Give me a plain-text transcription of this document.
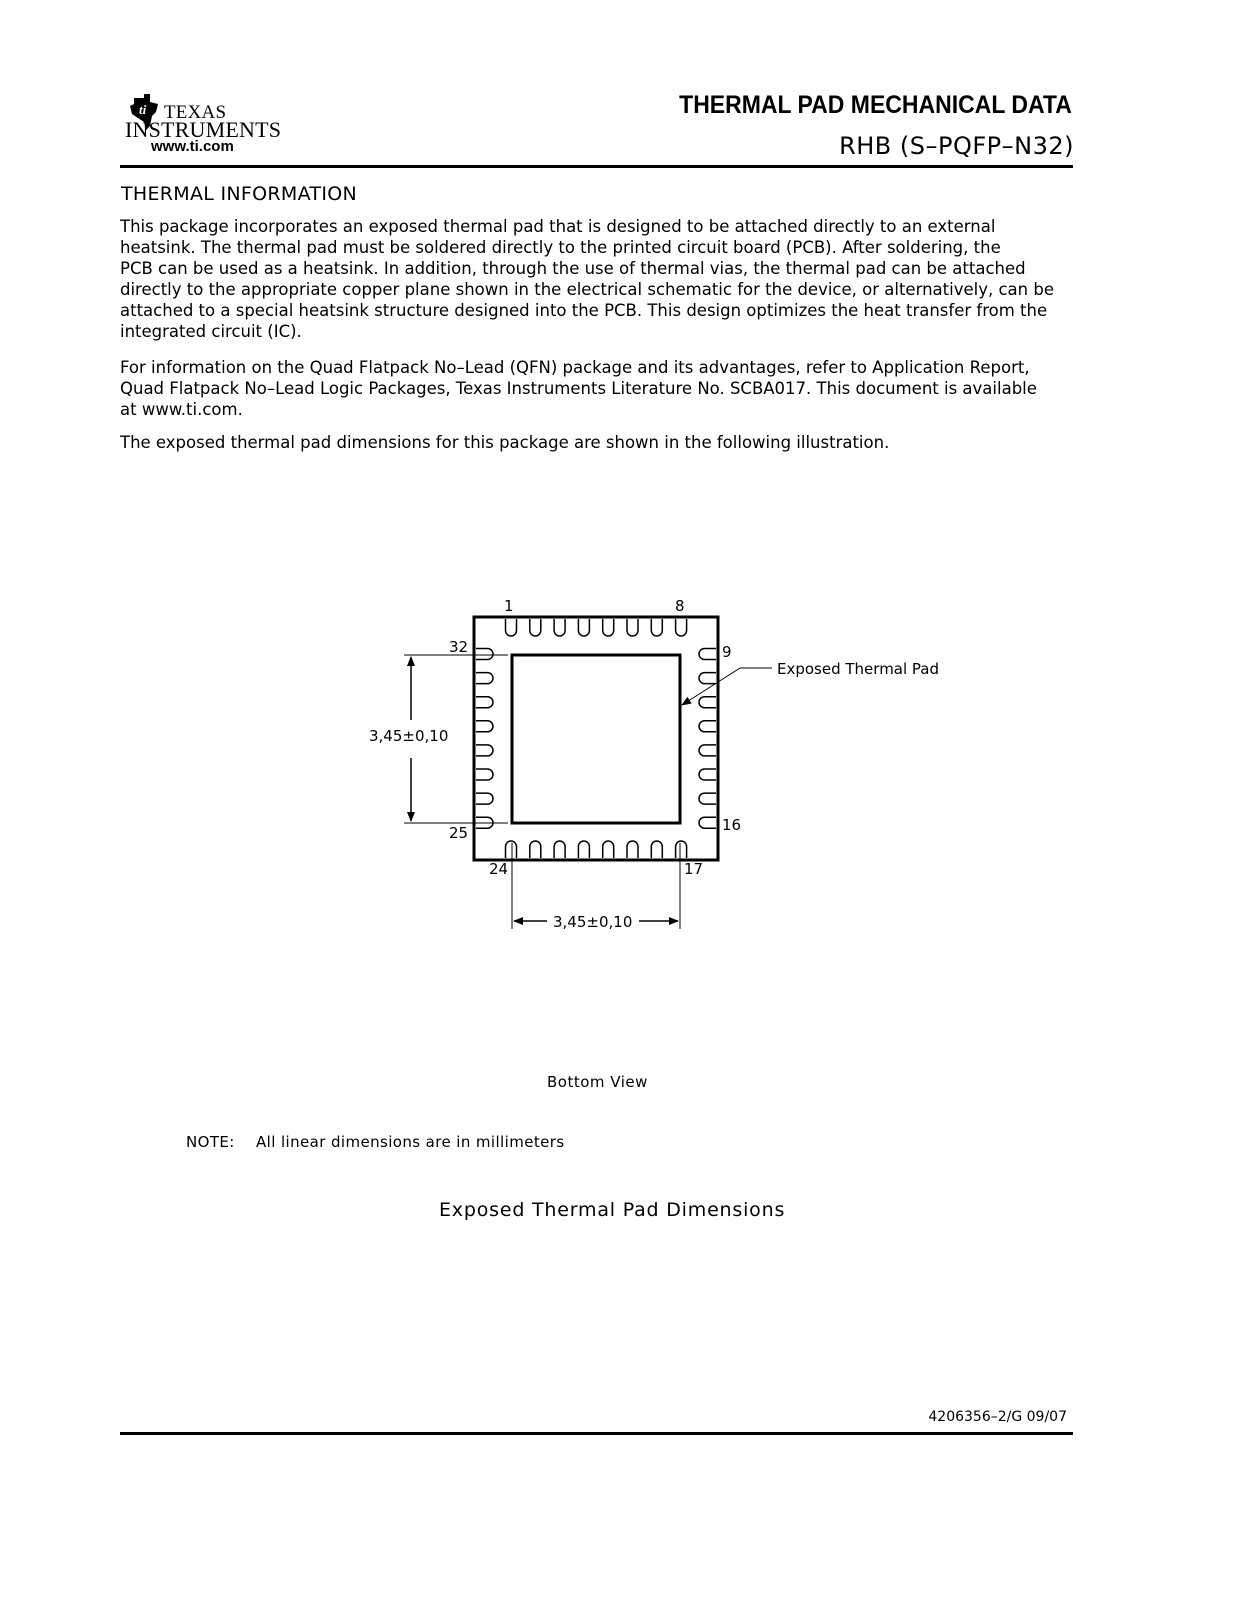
ti TEXAS
INSTRUMENTS
www.ti.com
THERMAL PAD MECHANICAL DATA
RHB (S–PQFP–N32)
THERMAL INFORMATION
This package incorporates an exposed thermal pad that is designed to be attached directly to an external
heatsink. The thermal pad must be soldered directly to the printed circuit board (PCB). After soldering, the
PCB can be used as a heatsink. In addition, through the use of thermal vias, the thermal pad can be attached
directly to the appropriate copper plane shown in the electrical schematic for the device, or alternatively, can be
attached to a special heatsink structure designed into the PCB. This design optimizes the heat transfer from the
integrated circuit (IC).
For information on the Quad Flatpack No–Lead (QFN) package and its advantages, refer to Application Report,
Quad Flatpack No–Lead Logic Packages, Texas Instruments Literature No. SCBA017. This document is available
at www.ti.com.
The exposed thermal pad dimensions for this package are shown in the following illustration.
1	8
9
16
17
24
25
32
Exposed Thermal Pad
3,45±0,10
3,45±0,10
Bottom View
NOTE: All linear dimensions are in millimeters
Exposed Thermal Pad Dimensions
4206356–2/G 09/07
